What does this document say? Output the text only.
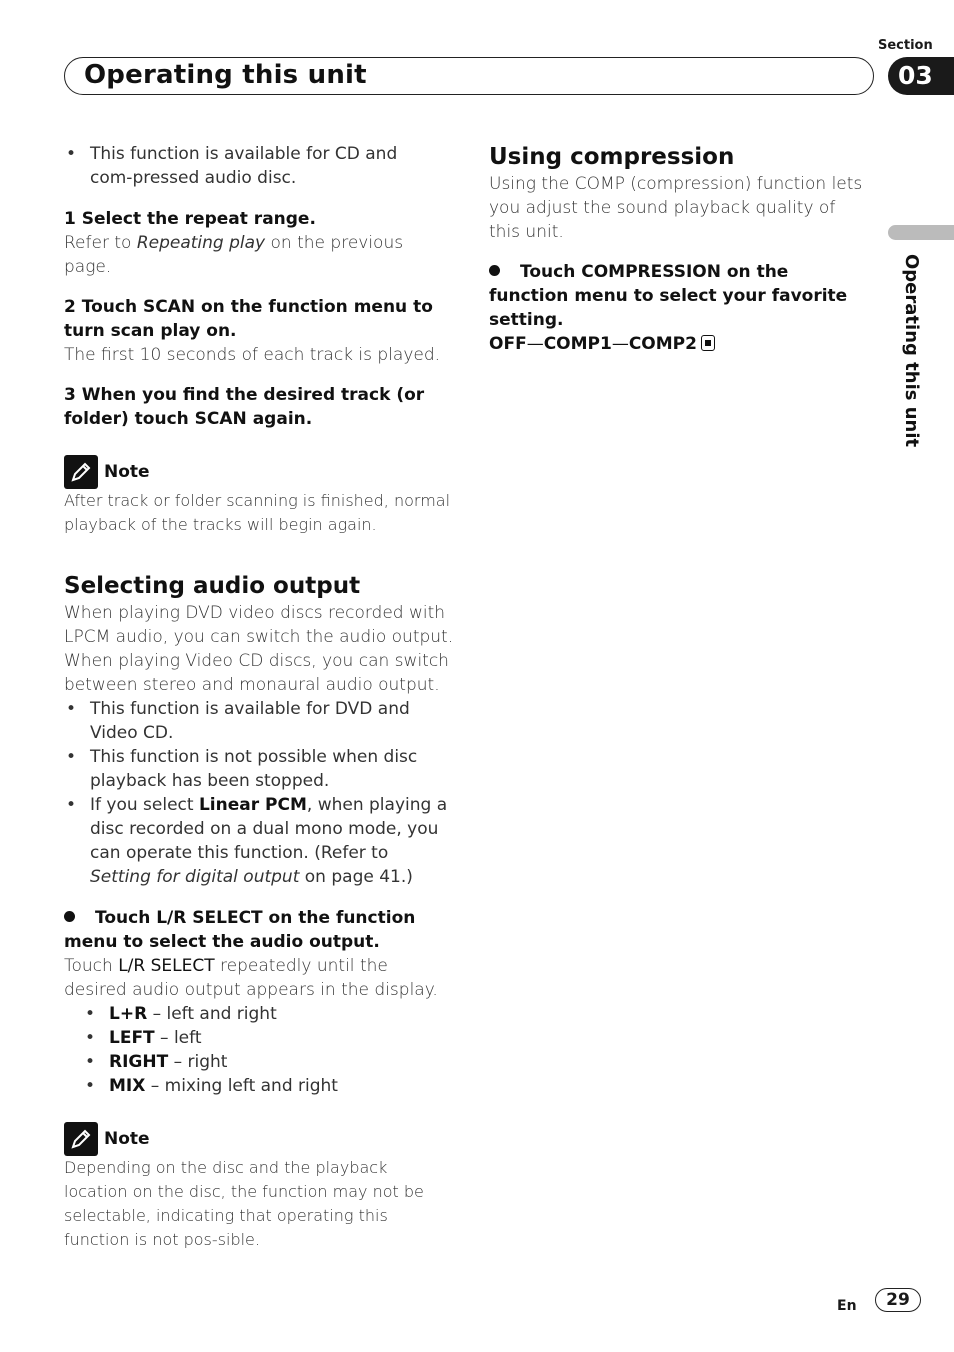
Section
Operating this unit	03
Operating this unit
• This function is available for CD and com-pressed audio disc.

1 Select the repeat range.

Refer to Repeating play on the previous page.

2 Touch SCAN on the function menu to turn scan play on.

The first 10 seconds of each track is played.

3 When you find the desired track (or folder) touch SCAN again.

Note

After track or folder scanning is finished, normal playback of the tracks will begin again.

Selecting audio output

When playing DVD video discs recorded with LPCM audio, you can switch the audio output. When playing Video CD discs, you can switch between stereo and monaural audio output.

• This function is available for DVD and Video CD.
• This function is not possible when disc playback has been stopped.
• If you select Linear PCM, when playing a disc recorded on a dual mono mode, you can operate this function. (Refer to Setting for digital output on page 41.)

Touch L/R SELECT on the function menu to select the audio output.

Touch L/R SELECT repeatedly until the desired audio output appears in the display.

• L+R – left and right
• LEFT – left
• RIGHT – right
• MIX – mixing left and right
Note

Depending on the disc and the playback location on the disc, the function may not be selectable, indicating that operating this function is not pos-sible.

Using compression

Using the COMP (compression) function lets you adjust the sound playback quality of this unit.

Touch COMPRESSION on the function menu to select your favorite setting.

OFF—COMP1—COMP2

En	29
